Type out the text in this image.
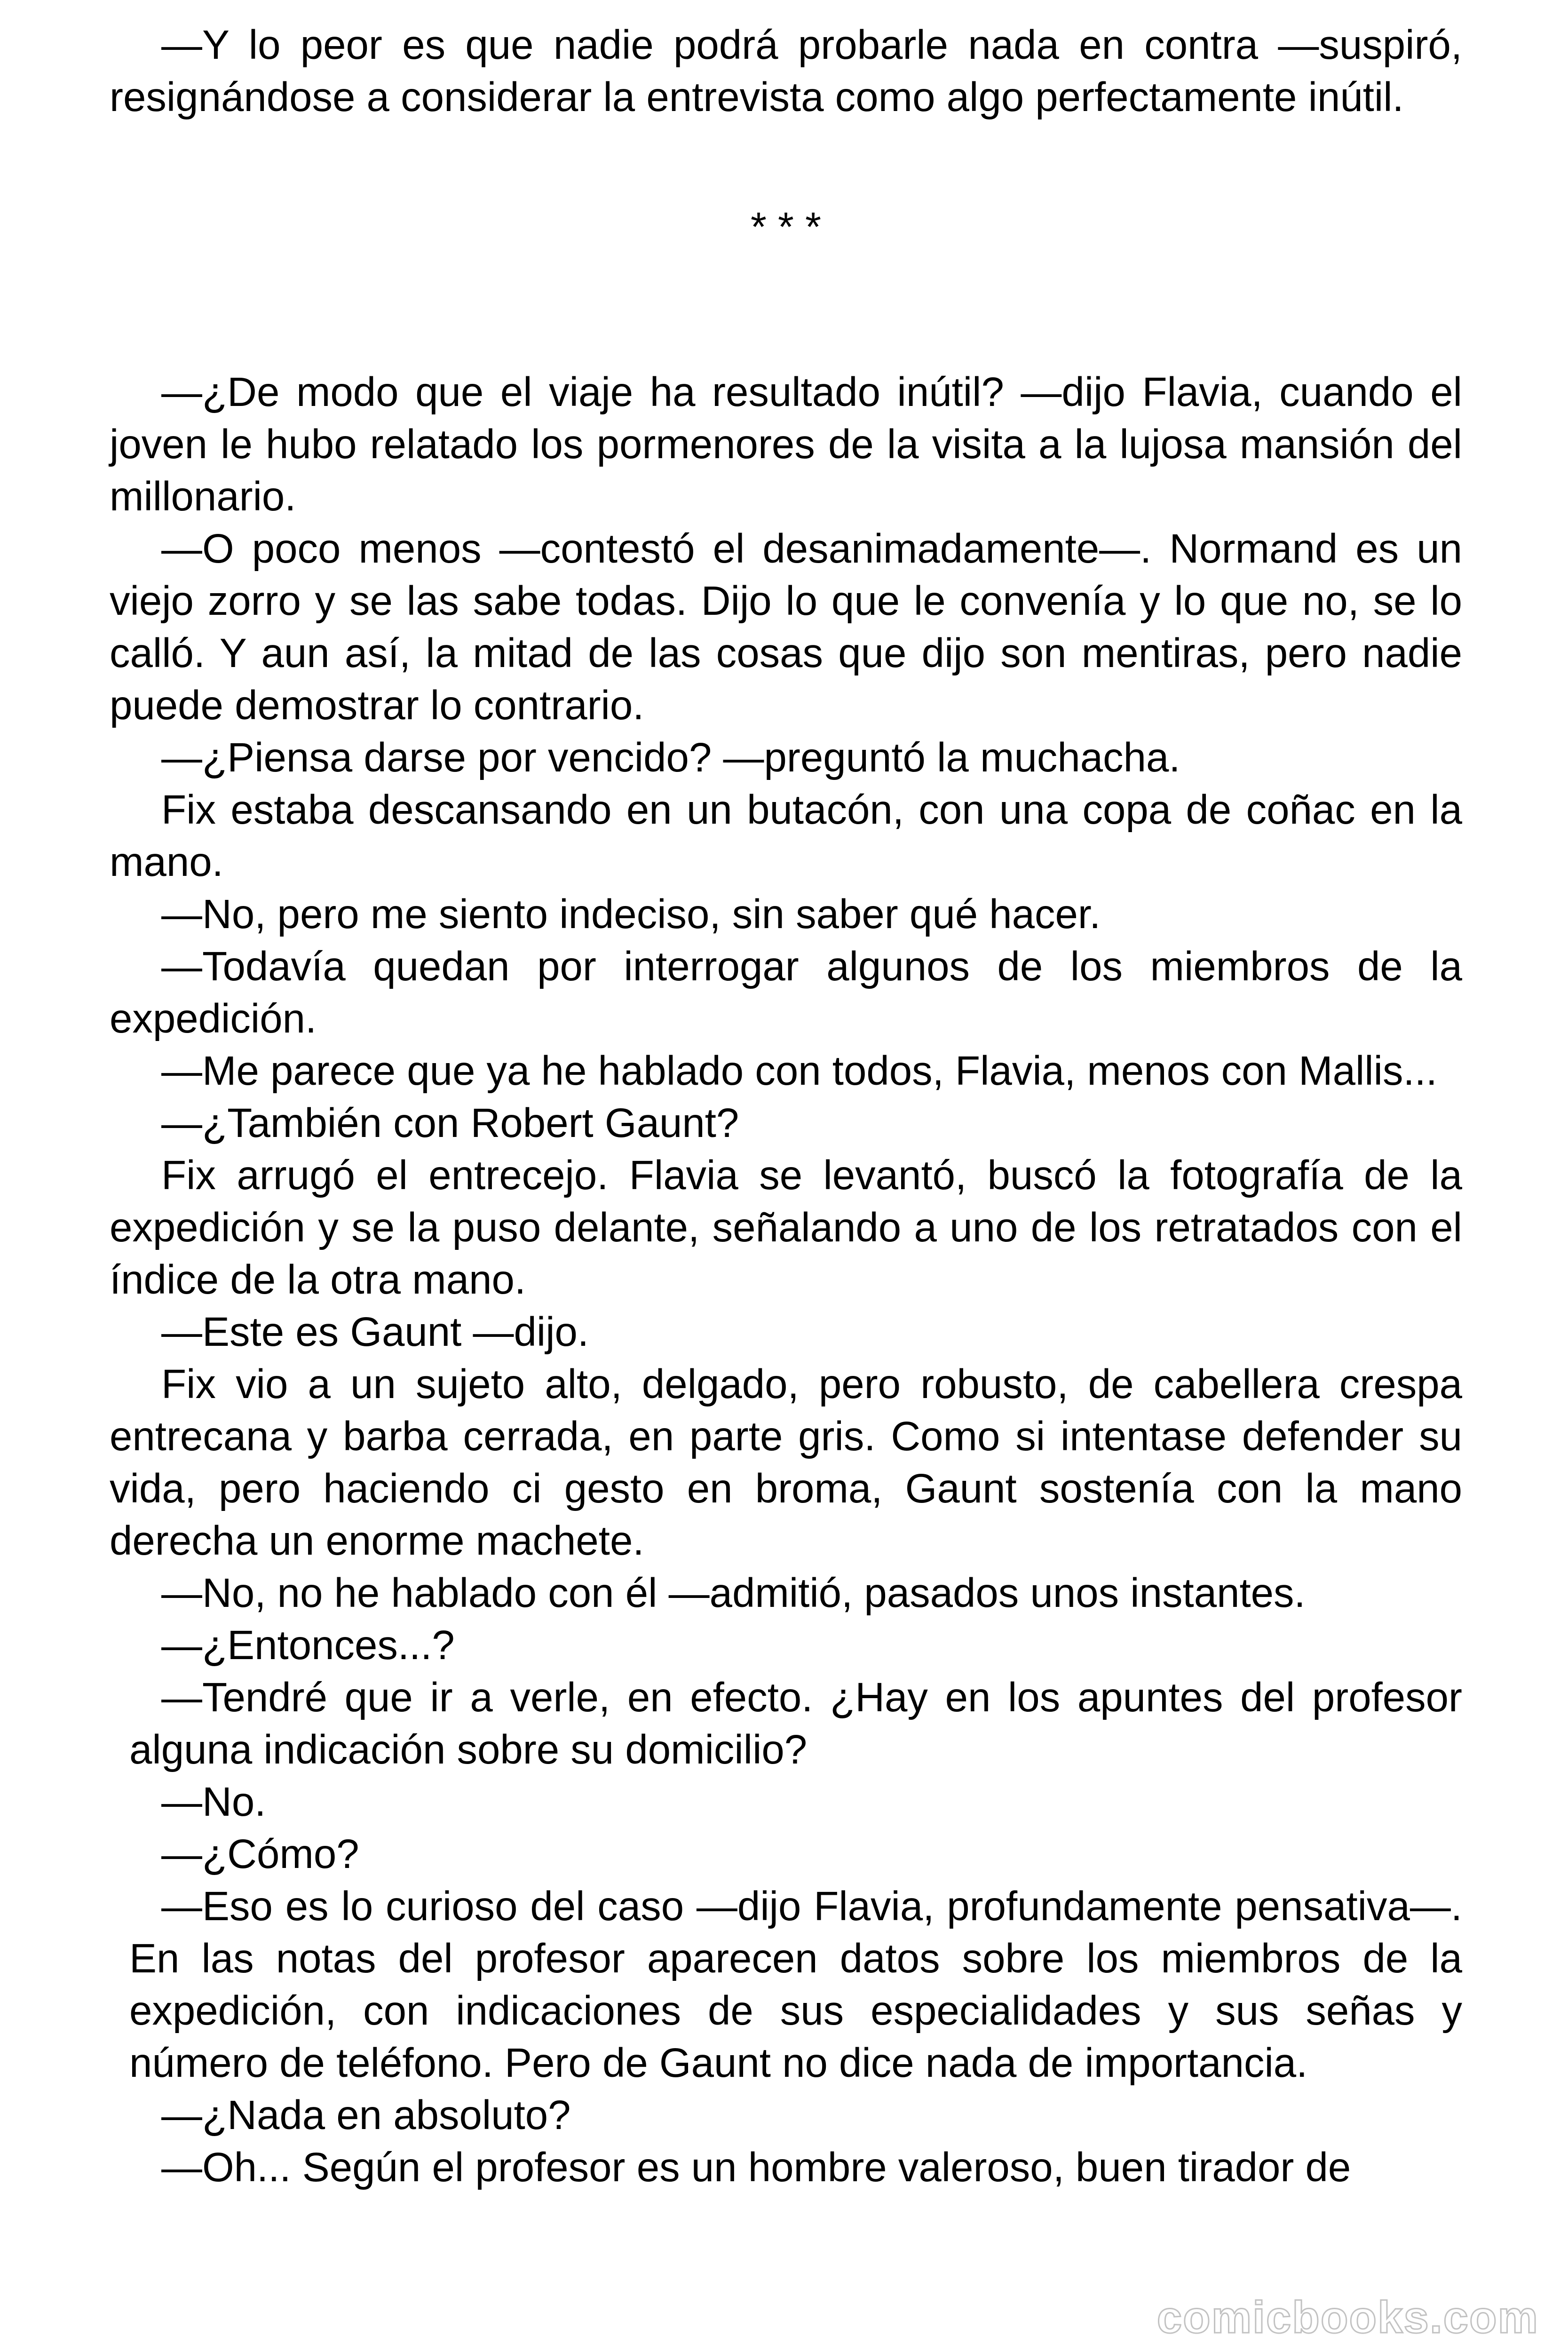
—Y lo peor es que nadie podrá probarle nada en contra —suspiró, resignándose a considerar la entrevista como algo perfectamente inútil.

* * *

—¿De modo que el viaje ha resultado inútil? —dijo Flavia, cuando el joven le hubo relatado los pormenores de la visita a la lujosa mansión del millonario.

—O poco menos —contestó el desanimadamente—. Normand es un viejo zorro y se las sabe todas. Dijo lo que le convenía y lo que no, se lo calló. Y aun así, la mitad de las cosas que dijo son mentiras, pero nadie puede demostrar lo contrario.

—¿Piensa darse por vencido? —preguntó la muchacha.

Fix estaba descansando en un butacón, con una copa de coñac en la mano.

—No, pero me siento indeciso, sin saber qué hacer.

—Todavía quedan por interrogar algunos de los miembros de la expedición.

—Me parece que ya he hablado con todos, Flavia, menos con Mallis...

—¿También con Robert Gaunt?

Fix arrugó el entrecejo. Flavia se levantó, buscó la fotografía de la expedición y se la puso delante, señalando a uno de los retratados con el índice de la otra mano.

—Este es Gaunt —dijo.

Fix vio a un sujeto alto, delgado, pero robusto, de cabellera crespa entrecana y barba cerrada, en parte gris. Como si intentase defender su vida, pero haciendo ci gesto en broma, Gaunt sostenía con la mano derecha un enorme machete.

—No, no he hablado con él —admitió, pasados unos instantes.

—¿Entonces...?

—Tendré que ir a verle, en efecto. ¿Hay en los apuntes del profesor alguna indicación sobre su domicilio?

—No.

—¿Cómo?

—Eso es lo curioso del caso —dijo Flavia, profundamente pensativa—. En las notas del profesor aparecen datos sobre los miembros de la expedición, con indicaciones de sus especialidades y sus señas y número de teléfono. Pero de Gaunt no dice nada de importancia.

—¿Nada en absoluto?

—Oh... Según el profesor es un hombre valeroso, buen tirador de

comicbooks.com
